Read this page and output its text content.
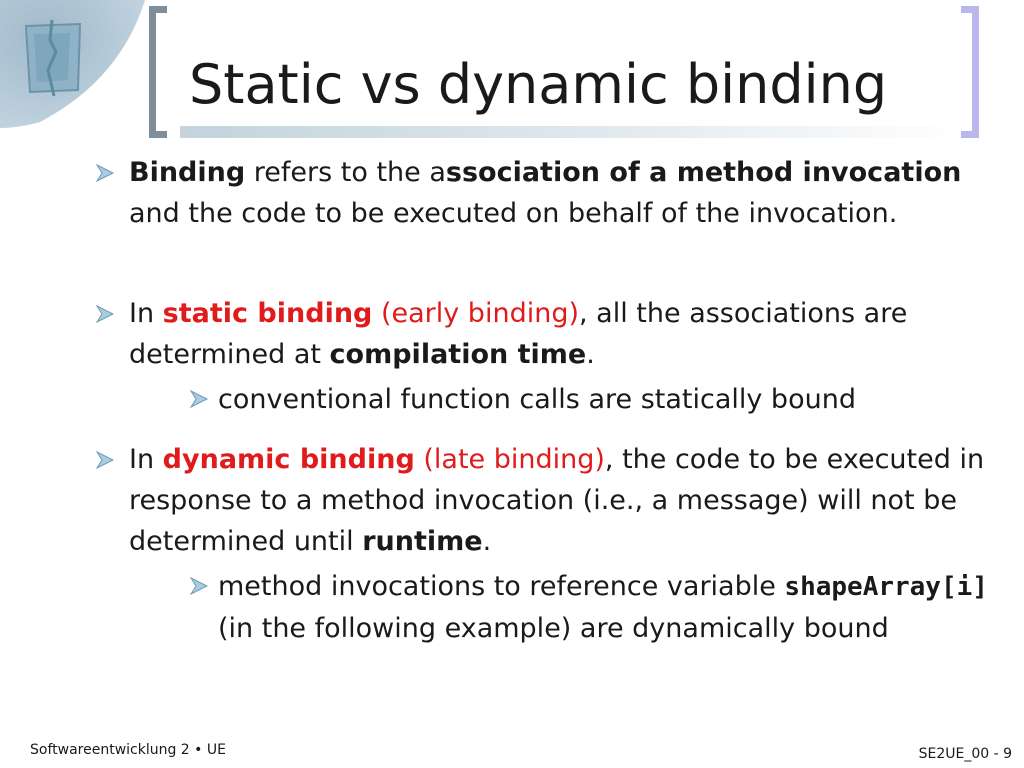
Static vs dynamic binding
Binding refers to the association of a method invocation and the code to be executed on behalf of the invocation.
In static binding (early binding), all the associations are determined at compilation time.
conventional function calls are statically bound
In dynamic binding (late binding), the code to be executed in response to a method invocation (i.e., a message) will not be determined until runtime.
method invocations to reference variable shapeArray[i] (in the following example) are dynamically bound
Softwareentwicklung 2 • UE	SE2UE_00 - 9
